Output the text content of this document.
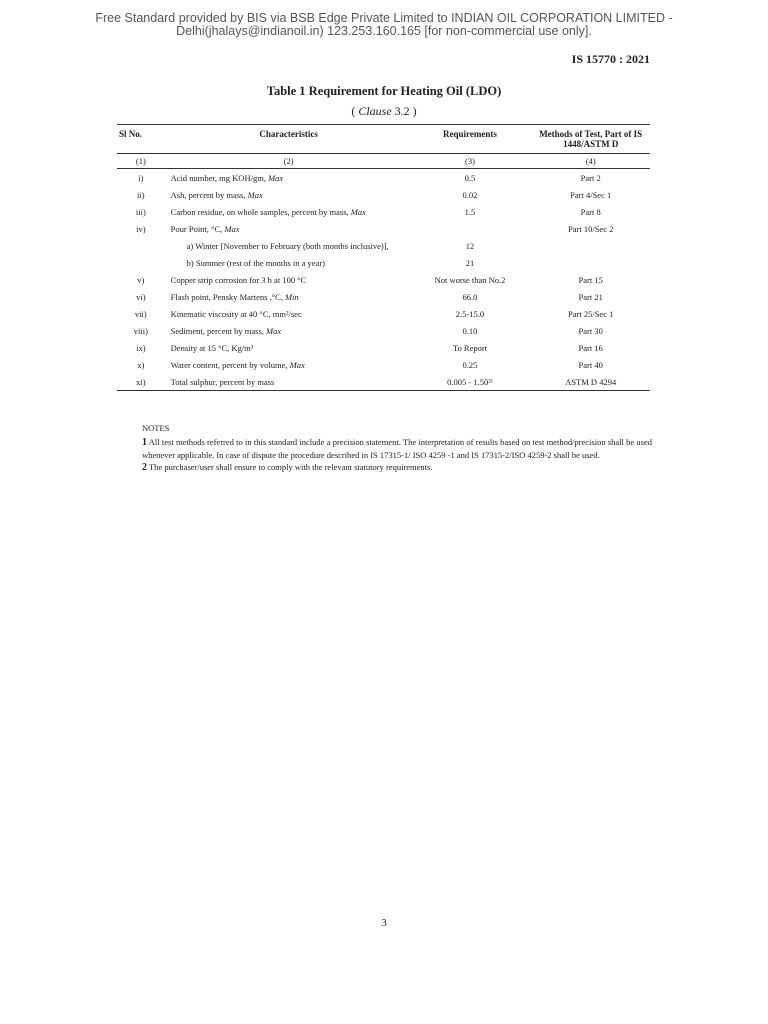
Free Standard provided by BIS via BSB Edge Private Limited to INDIAN OIL CORPORATION LIMITED -
Delhi(jhalays@indianoil.in) 123.253.160.165 [for non-commercial use only].
IS 15770 : 2021
Table 1 Requirement for Heating Oil (LDO)
( Clause 3.2 )
Sl No.	Characteristics	Requirements	Methods of Test, Part of IS 1448/ASTM D
(1)	(2)	(3)	(4)
i)	Acid number, mg KOH/gm, Max	0.5	Part 2
ii)	Ash, percent by mass, Max	0.02	Part 4/Sec 1
iii)	Carbon residue, on whole samples, percent by mass, Max	1.5	Part 8
iv)	Pour Point, °C, Max		Part 10/Sec 2
	a) Winter [November to February (both months inclusive)],	12	
	b) Summer (rest of the months in a year)	21	
v)	Copper strip corrosion for 3 h at 100 °C	Not worse than No.2	Part 15
vi)	Flash point, Pensky Martens ,°C, Min	66.0	Part 21
vii)	Kinematic viscosity at 40 °C, mm²/sec	2.5-15.0	Part 25/Sec 1
viii)	Sediment, percent by mass, Max	0.10	Part 30
ix)	Density at 15 °C, Kg/m³	To Report	Part 16
x)	Water content, percent by volume, Max	0.25	Part 40
xi)	Total sulphur, percent by mass	0.005 - 1.50²⁾	ASTM D 4294
NOTES

1 All test methods referred to in this standard include a precision statement. The interpretation of results based on test method/precision shall be used whenever applicable. In case of dispute the procedure described in IS 17315-1/ ISO 4259 -1 and IS 17315-2/ISO 4259-2 shall be used.

2 The purchaser/user shall ensure to comply with the relevant statutory requirements.

3
